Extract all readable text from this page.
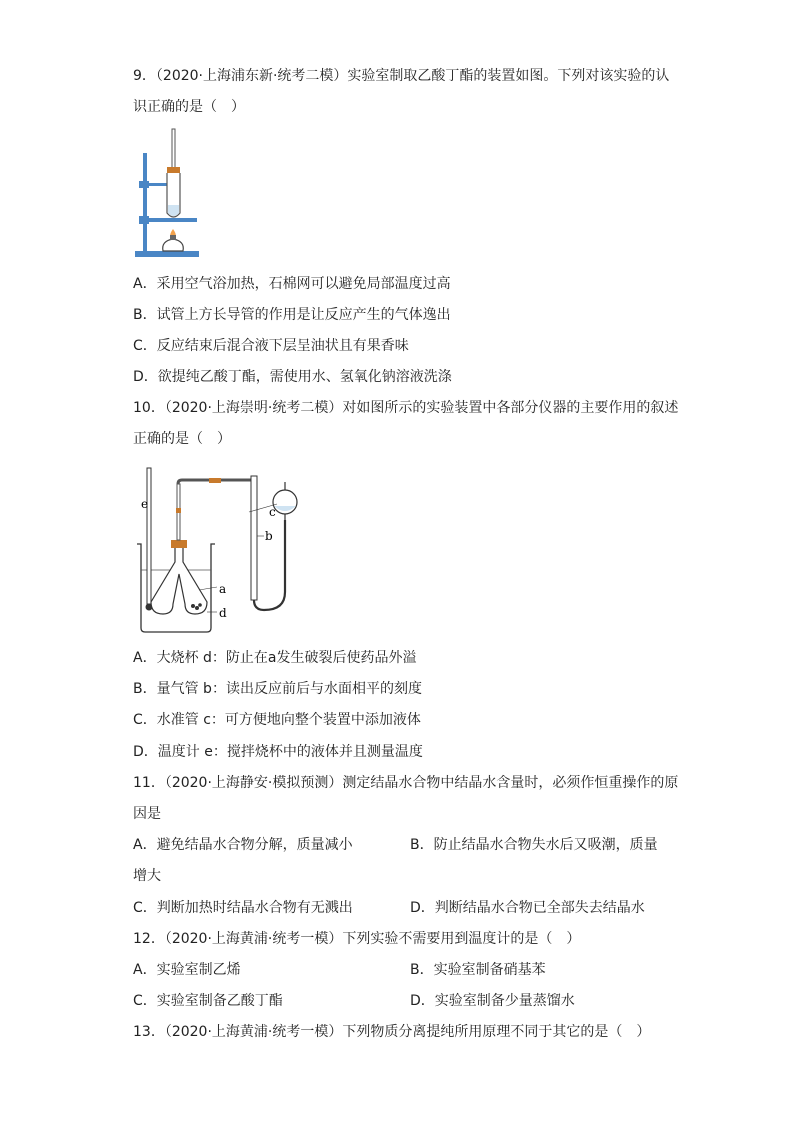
9．（2020·上海浦东新·统考二模）实验室制取乙酸丁酯的装置如图。下列对该实验的认
识正确的是（　）
A．采用空气浴加热，石棉网可以避免局部温度过高
B．试管上方长导管的作用是让反应产生的气体逸出
C．反应结束后混合液下层呈油状且有果香味
D．欲提纯乙酸丁酯，需使用水、氢氧化钠溶液洗涤
10．（2020·上海崇明·统考二模）对如图所示的实验装置中各部分仪器的主要作用的叙述
正确的是（　）
e
c
b
a
d
A．大烧杯 d：防止在a发生破裂后使药品外溢
B．量气管 b：读出反应前后与水面相平的刻度
C．水准管 c：可方便地向整个装置中添加液体
D．温度计 e：搅拌烧杯中的液体并且测量温度
11．（2020·上海静安·模拟预测）测定结晶水合物中结晶水含量时，必须作恒重操作的原
因是
A．避免结晶水合物分解，质量减小	B．防止结晶水合物失水后又吸潮，质量
增大
C．判断加热时结晶水合物有无溅出	D．判断结晶水合物已全部失去结晶水
12．（2020·上海黄浦·统考一模）下列实验不需要用到温度计的是（　）
A．实验室制乙烯	B．实验室制备硝基苯
C．实验室制备乙酸丁酯	D．实验室制备少量蒸馏水
13．（2020·上海黄浦·统考一模）下列物质分离提纯所用原理不同于其它的是（　）
